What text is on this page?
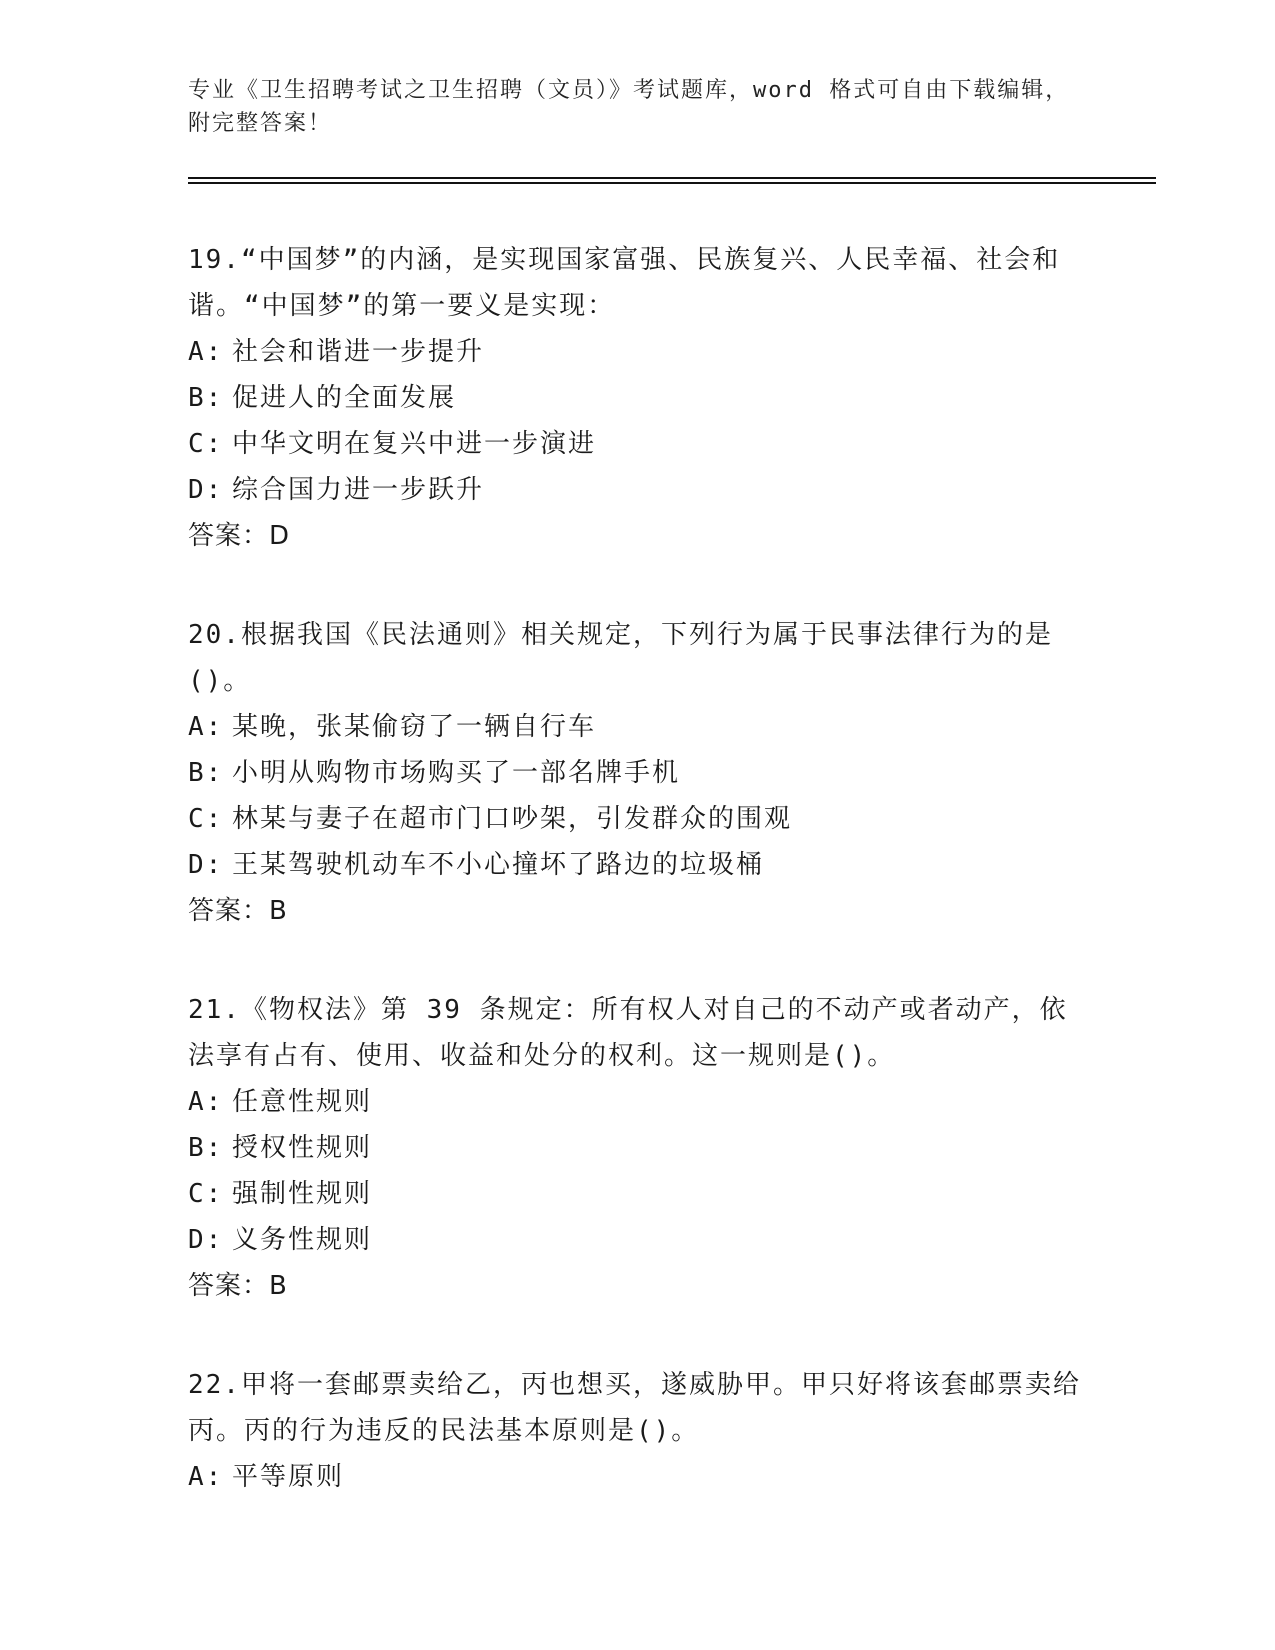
专业《卫生招聘考试之卫生招聘（文员）》考试题库，word 格式可自由下载编辑，附完整答案！

19.“中国梦”的内涵，是实现国家富强、民族复兴、人民幸福、社会和谐。“中国梦”的第一要义是实现：

A: 社会和谐进一步提升

B: 促进人的全面发展

C: 中华文明在复兴中进一步演进

D: 综合国力进一步跃升

答案：D

20.根据我国《民法通则》相关规定，下列行为属于民事法律行为的是()。

A: 某晚，张某偷窃了一辆自行车

B: 小明从购物市场购买了一部名牌手机

C: 林某与妻子在超市门口吵架，引发群众的围观

D: 王某驾驶机动车不小心撞坏了路边的垃圾桶

答案：B

21.《物权法》第 39 条规定：所有权人对自己的不动产或者动产，依法享有占有、使用、收益和处分的权利。这一规则是()。

A: 任意性规则

B: 授权性规则

C: 强制性规则

D: 义务性规则

答案：B

22.甲将一套邮票卖给乙，丙也想买，遂威胁甲。甲只好将该套邮票卖给丙。丙的行为违反的民法基本原则是()。

A: 平等原则
